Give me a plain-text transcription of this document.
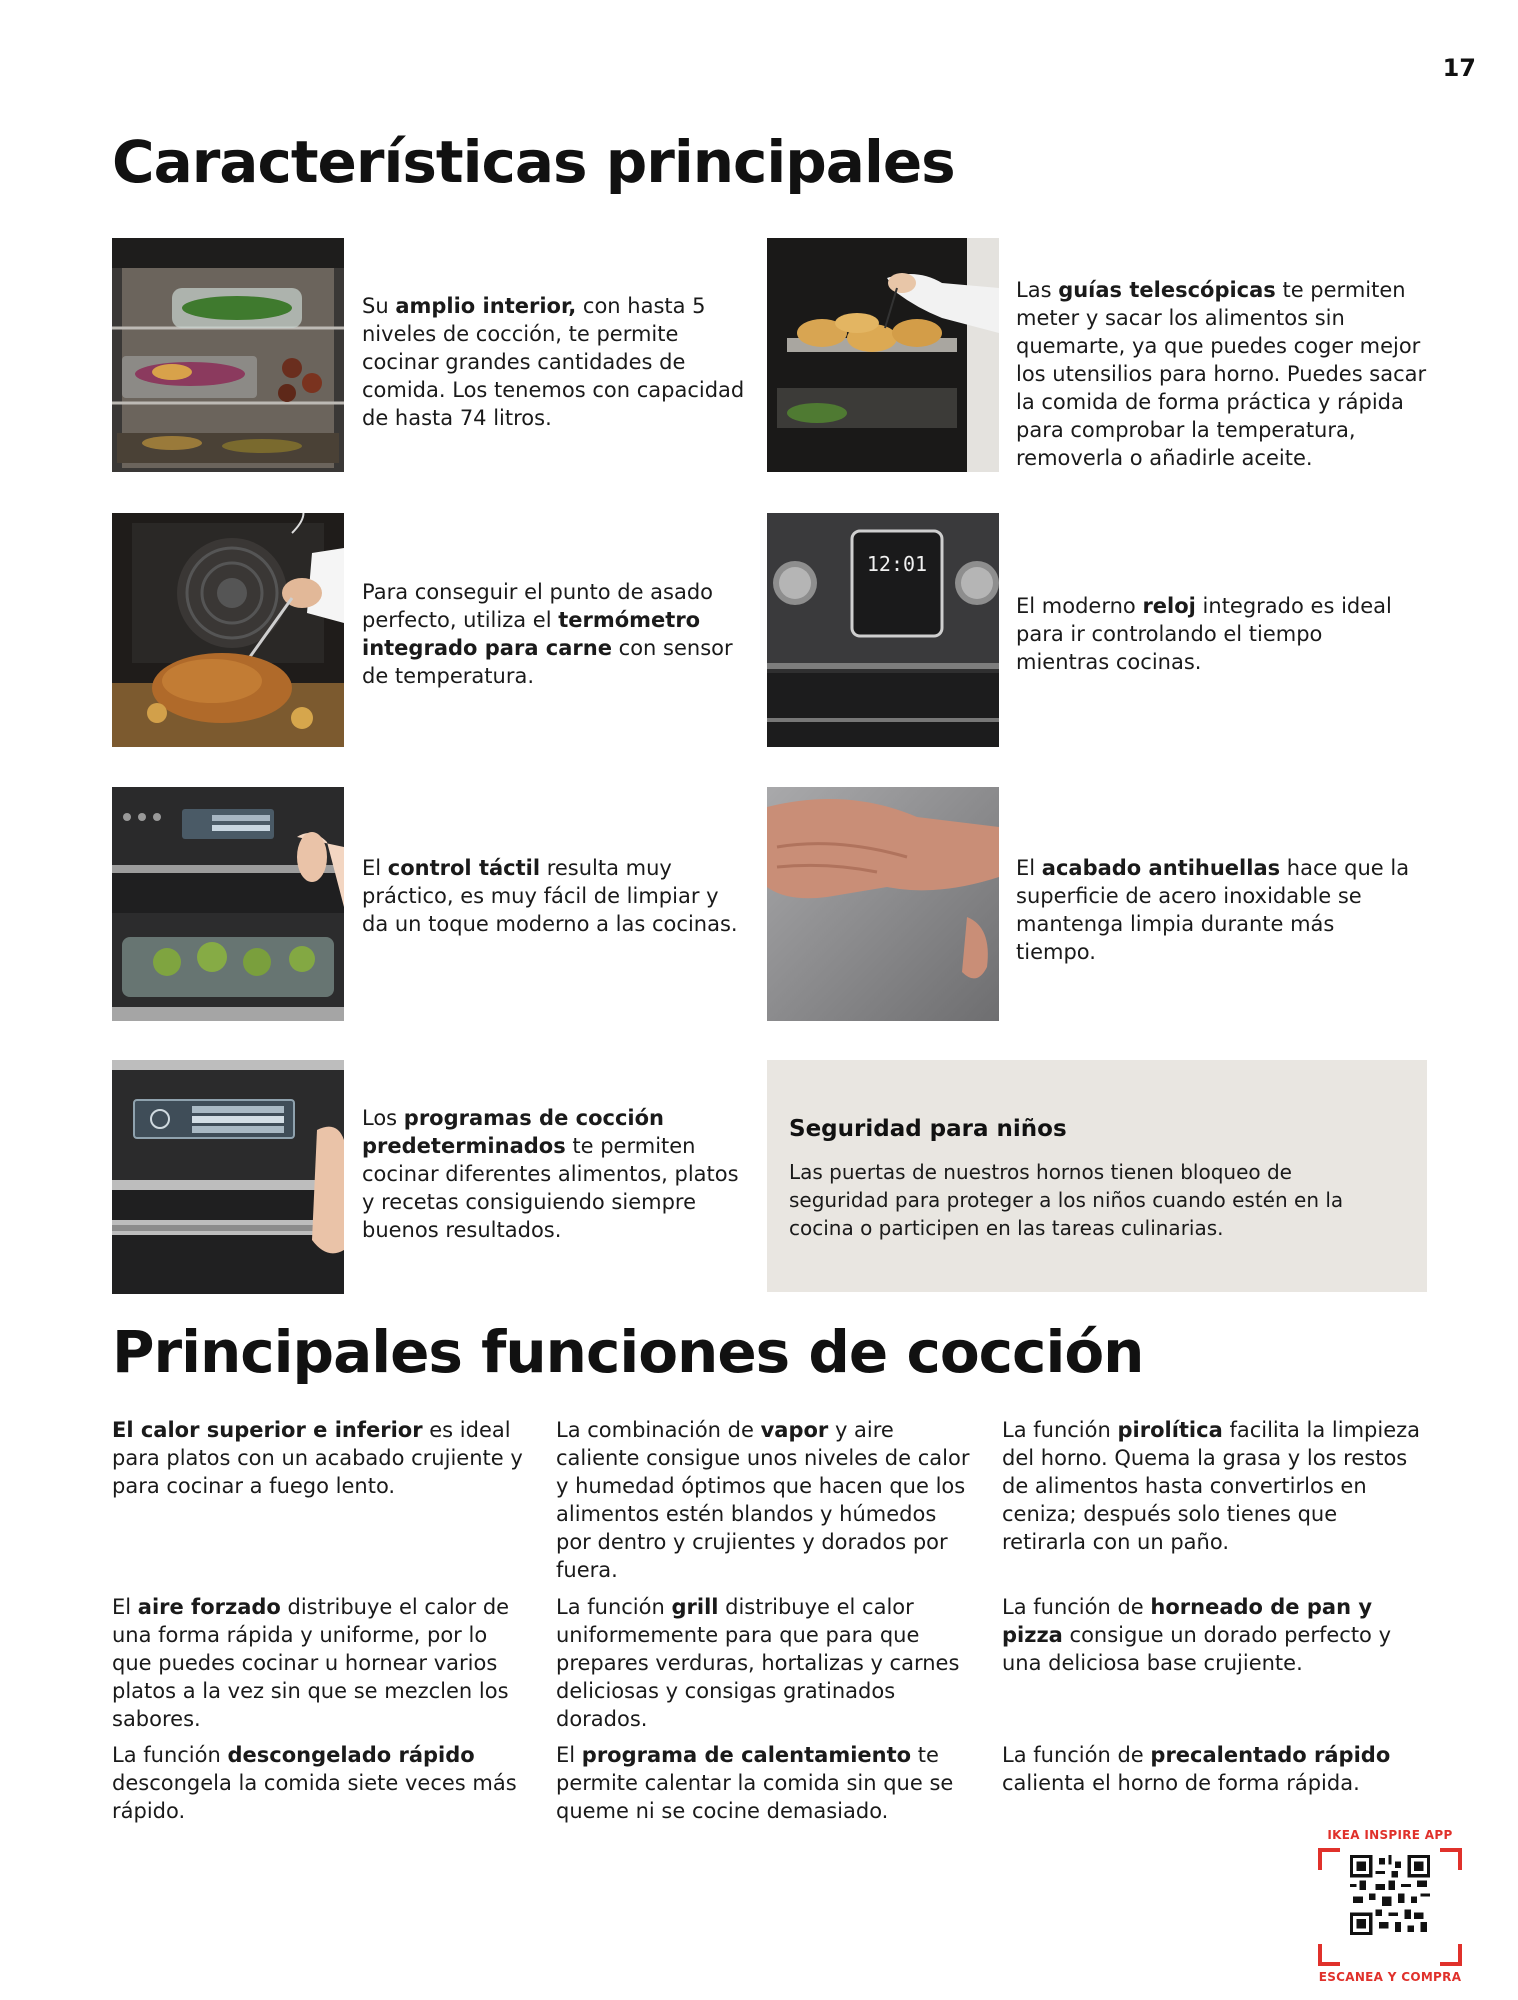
17
Características principales
Su amplio interior, con hasta 5 niveles de cocción, te permite cocinar grandes cantidades de comida. Los tenemos con capacidad de hasta 74 litros.
Las guías telescópicas te permiten meter y sacar los alimentos sin quemarte, ya que puedes coger mejor los utensilios para horno. Puedes sacar la comida de forma práctica y rápida para comprobar la temperatura, removerla o añadirle aceite.
Para conseguir el punto de asado perfecto, utiliza el termómetro integrado para carne con sensor de temperatura.
12:01
El moderno reloj integrado es ideal para ir controlando el tiempo mientras cocinas.
El control táctil resulta muy práctico, es muy fácil de limpiar y da un toque moderno a las cocinas.
El acabado antihuellas hace que la superficie de acero inoxidable se mantenga limpia durante más tiempo.
Los programas de cocción predeterminados te permiten cocinar diferentes alimentos, platos y recetas consiguiendo siempre buenos resultados.
Seguridad para niños
Las puertas de nuestros hornos tienen bloqueo de seguridad para proteger a los niños cuando estén en la cocina o participen en las tareas culinarias.
Principales funciones de cocción
El calor superior e inferior es ideal para platos con un acabado crujiente y para cocinar a fuego lento.
La combinación de vapor y aire caliente consigue unos niveles de calor y humedad óptimos que hacen que los alimentos estén blandos y húmedos por dentro y crujientes y dorados por fuera.
La función pirolítica facilita la limpieza del horno. Quema la grasa y los restos de alimentos hasta convertirlos en ceniza; después solo tienes que retirarla con un paño.
El aire forzado distribuye el calor de una forma rápida y uniforme, por lo que puedes cocinar u hornear varios platos a la vez sin que se mezclen los sabores.
La función grill distribuye el calor uniformemente para que para que prepares verduras, hortalizas y carnes deliciosas y consigas gratinados dorados.
La función de horneado de pan y pizza consigue un dorado perfecto y una deliciosa base crujiente.
La función descongelado rápido descongela la comida siete veces más rápido.
El programa de calentamiento te permite calentar la comida sin que se queme ni se cocine demasiado.
La función de precalentado rápido calienta el horno de forma rápida.
IKEA INSPIRE APP
ESCANEA Y COMPRA
